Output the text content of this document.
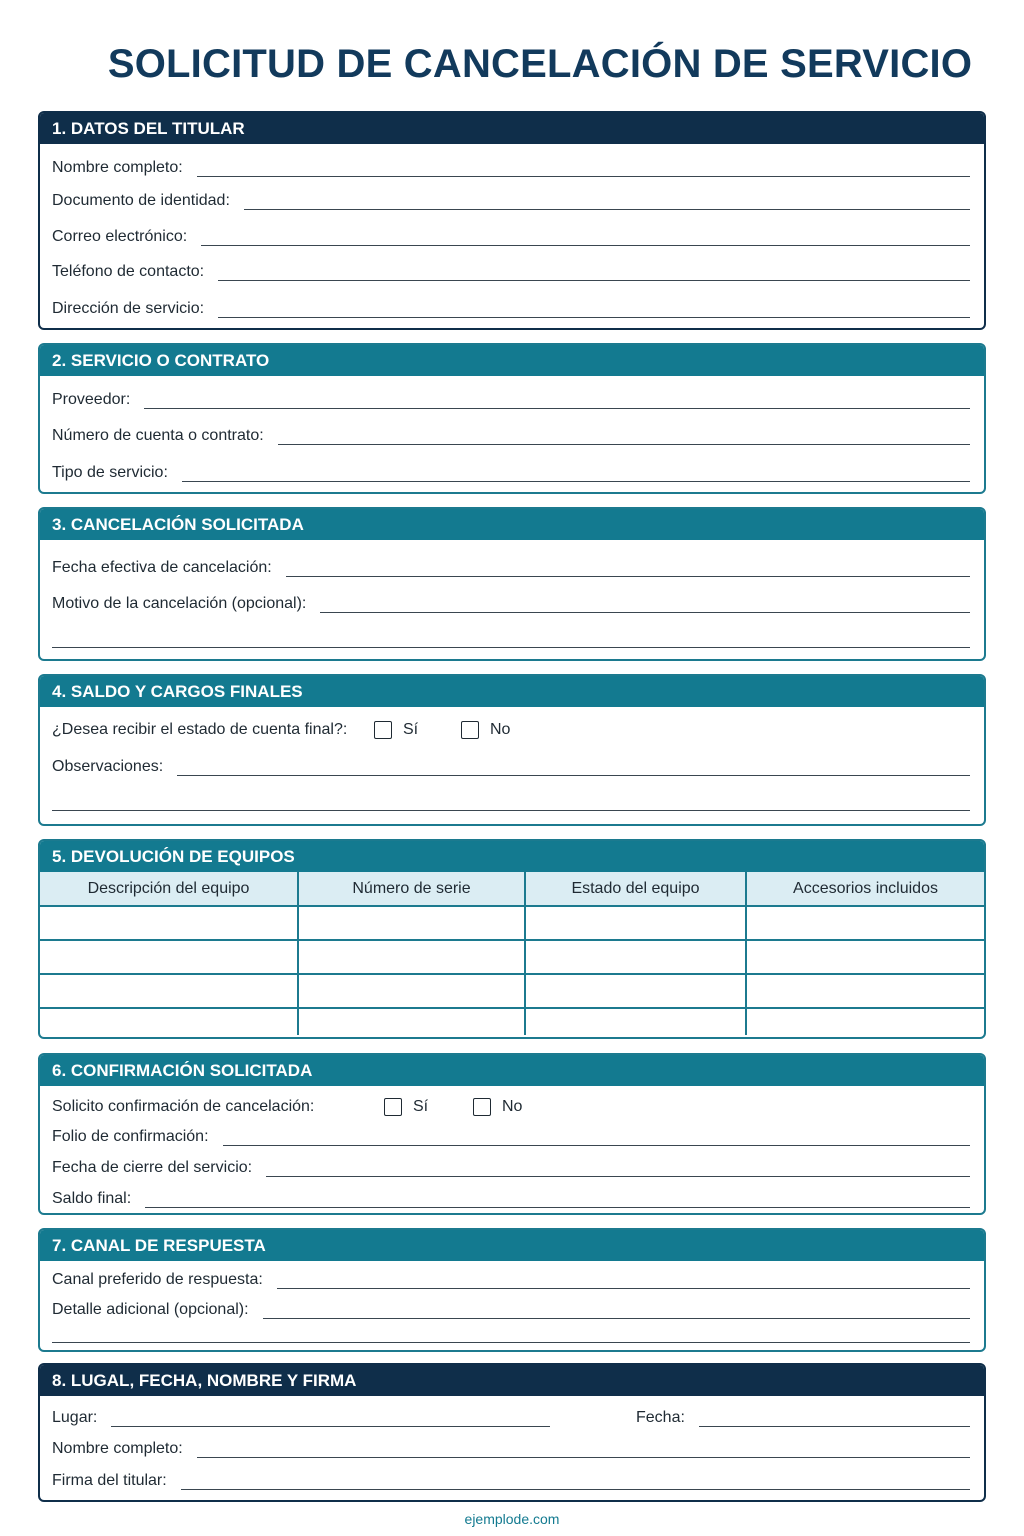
SOLICITUD DE CANCELACIÓN DE SERVICIO
1. DATOS DEL TITULAR
Nombre completo:
Documento de identidad:
Correo electrónico:
Teléfono de contacto:
Dirección de servicio:
2. SERVICIO O CONTRATO
Proveedor:
Número de cuenta o contrato:
Tipo de servicio:
3. CANCELACIÓN SOLICITADA
Fecha efectiva de cancelación:
Motivo de la cancelación (opcional):
4. SALDO Y CARGOS FINALES
¿Desea recibir el estado de cuenta final?:	Sí	No
Observaciones:
5. DEVOLUCIÓN DE EQUIPOS
Descripción del equipo	Número de serie	Estado del equipo	Accesorios incluidos

6. CONFIRMACIÓN SOLICITADA
Solicito confirmación de cancelación:	Sí	No
Folio de confirmación:
Fecha de cierre del servicio:
Saldo final:
7. CANAL DE RESPUESTA
Canal preferido de respuesta:
Detalle adicional (opcional):
8. LUGAL, FECHA, NOMBRE Y FIRMA
Lugar:	Fecha:
Nombre completo:
Firma del titular:
ejemplode.com
